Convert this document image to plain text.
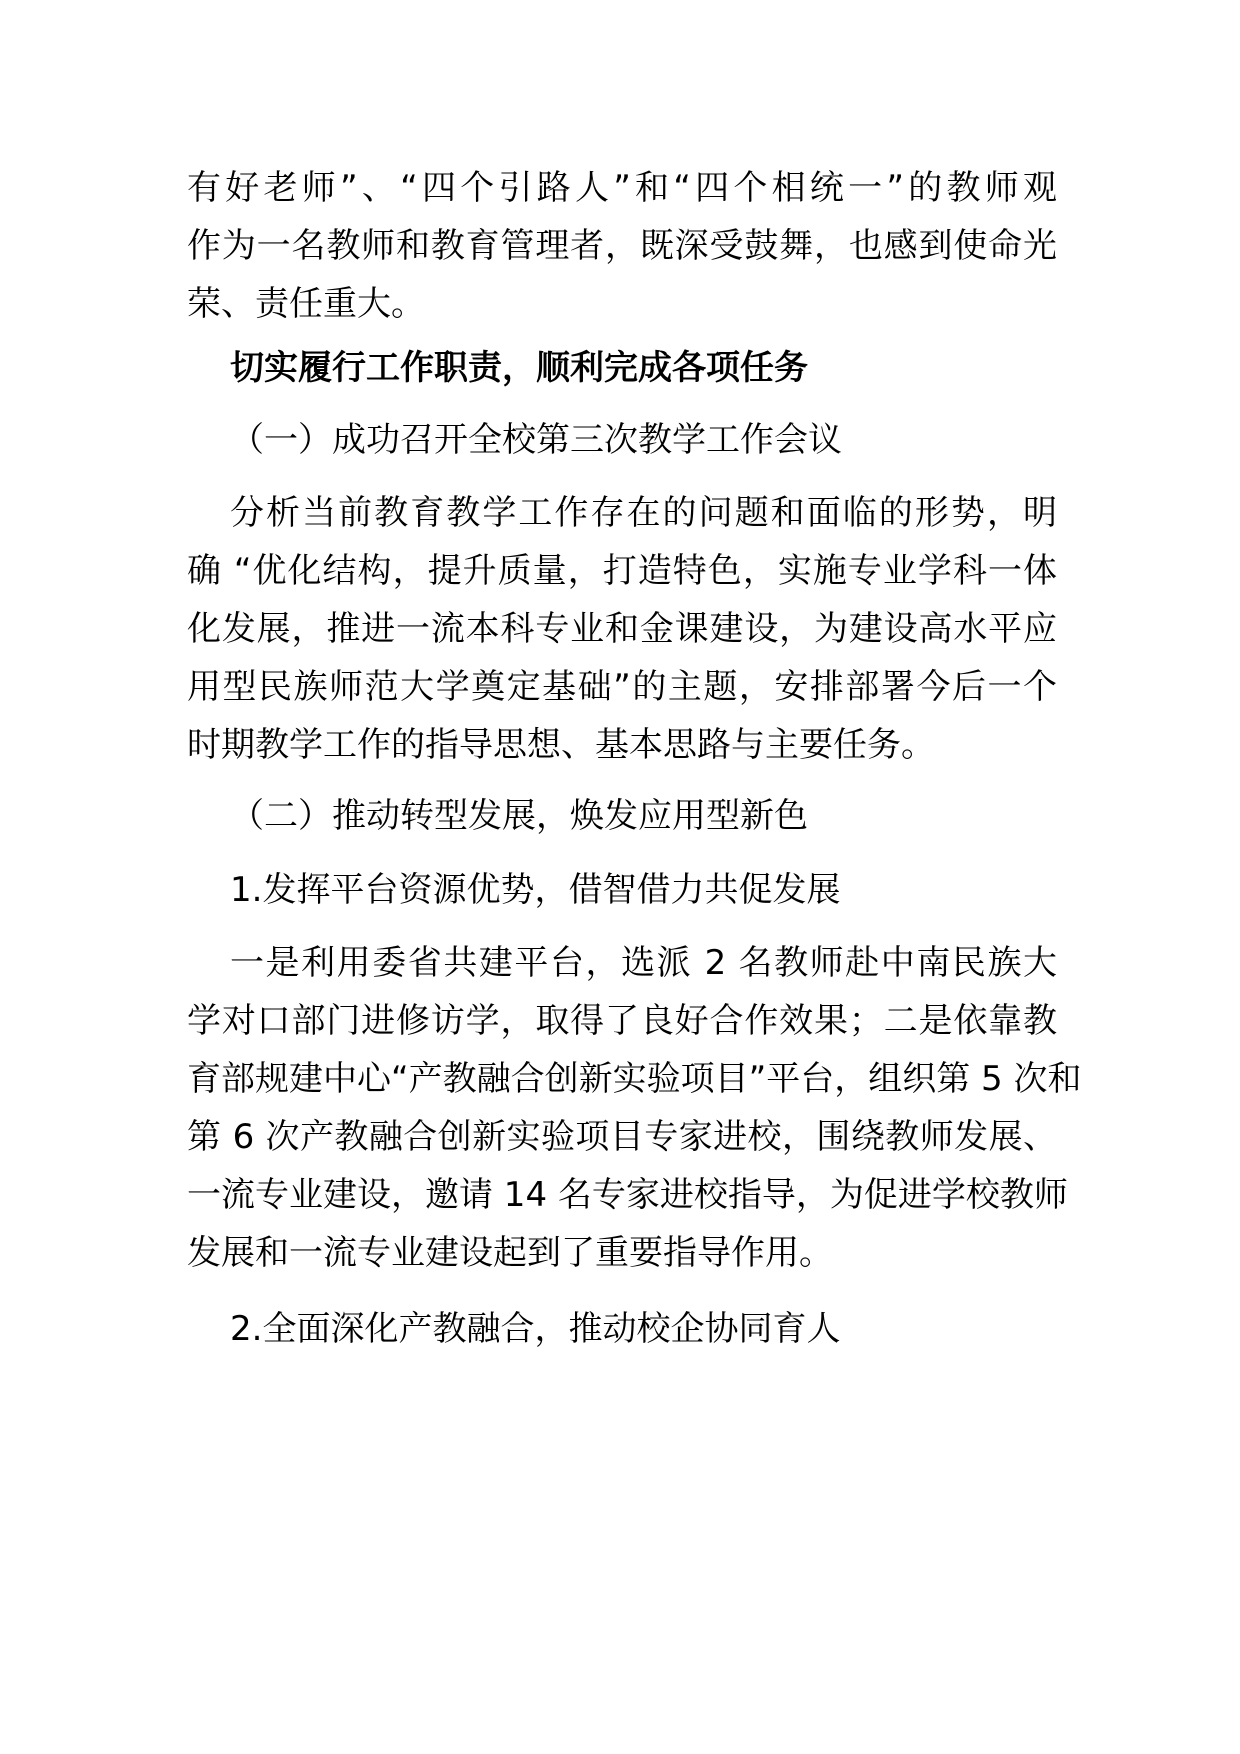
有好老师”、“四个引路人”和“四个相统一”的教师观

作为一名教师和教育管理者，既深受鼓舞，也感到使命光

荣、责任重大。

切实履行工作职责，顺利完成各项任务

（一）成功召开全校第三次教学工作会议

分析当前教育教学工作存在的问题和面临的形势，明

确 “优化结构，提升质量，打造特色，实施专业学科一体

化发展，推进一流本科专业和金课建设，为建设高水平应

用型民族师范大学奠定基础”的主题，安排部署今后一个

时期教学工作的指导思想、基本思路与主要任务。

（二）推动转型发展，焕发应用型新色

1.发挥平台资源优势，借智借力共促发展

一是利用委省共建平台，选派 2 名教师赴中南民族大

学对口部门进修访学，取得了良好合作效果；二是依靠教

育部规建中心“产教融合创新实验项目”平台，组织第 5 次和

第 6 次产教融合创新实验项目专家进校，围绕教师发展、

一流专业建设，邀请 14 名专家进校指导，为促进学校教师

发展和一流专业建设起到了重要指导作用。

2.全面深化产教融合，推动校企协同育人
